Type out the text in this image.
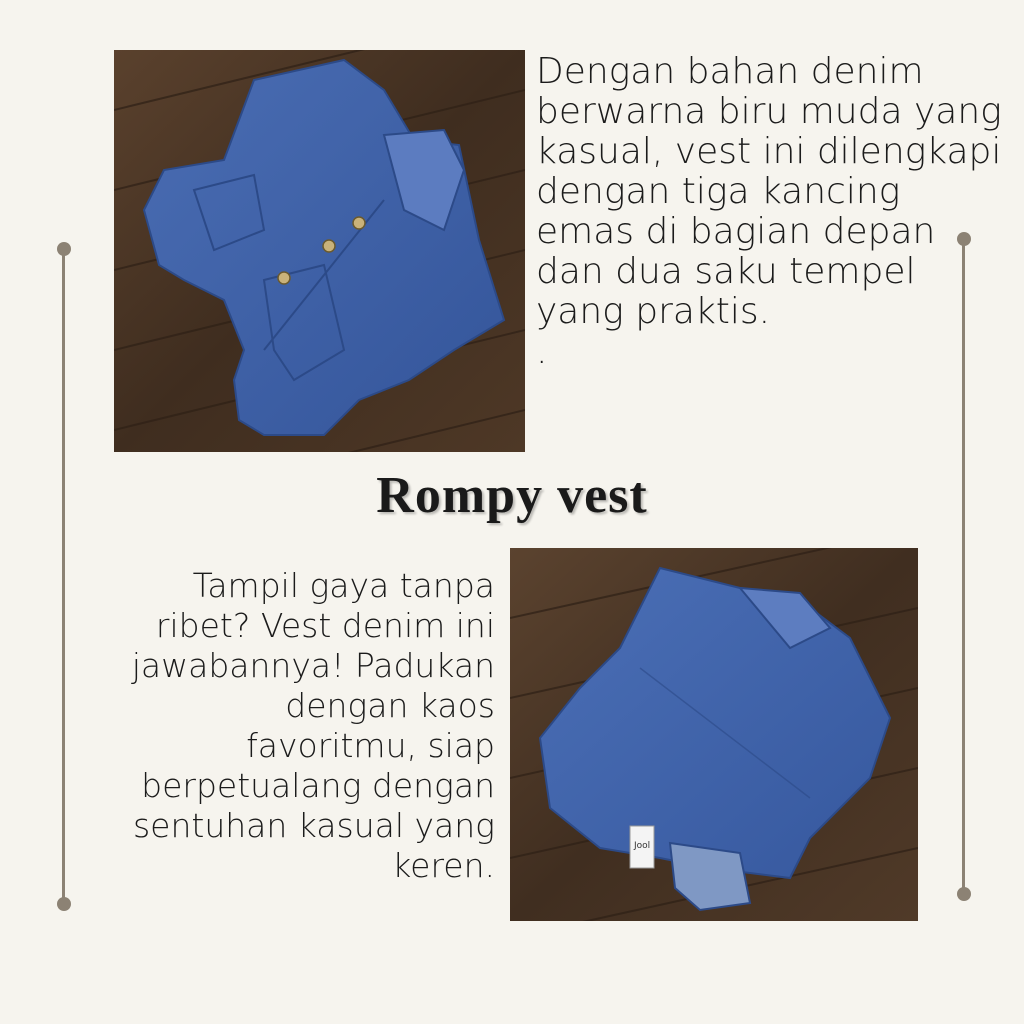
Dengan bahan denim berwarna biru muda yang kasual, vest ini dilengkapi dengan tiga kancing emas di bagian depan dan dua saku tempel yang praktis.
.
Rompy vest
Jool
Tampil gaya tanpa ribet? Vest denim ini jawabannya! Padukan dengan kaos favoritmu, siap berpetualang dengan sentuhan kasual yang keren.
